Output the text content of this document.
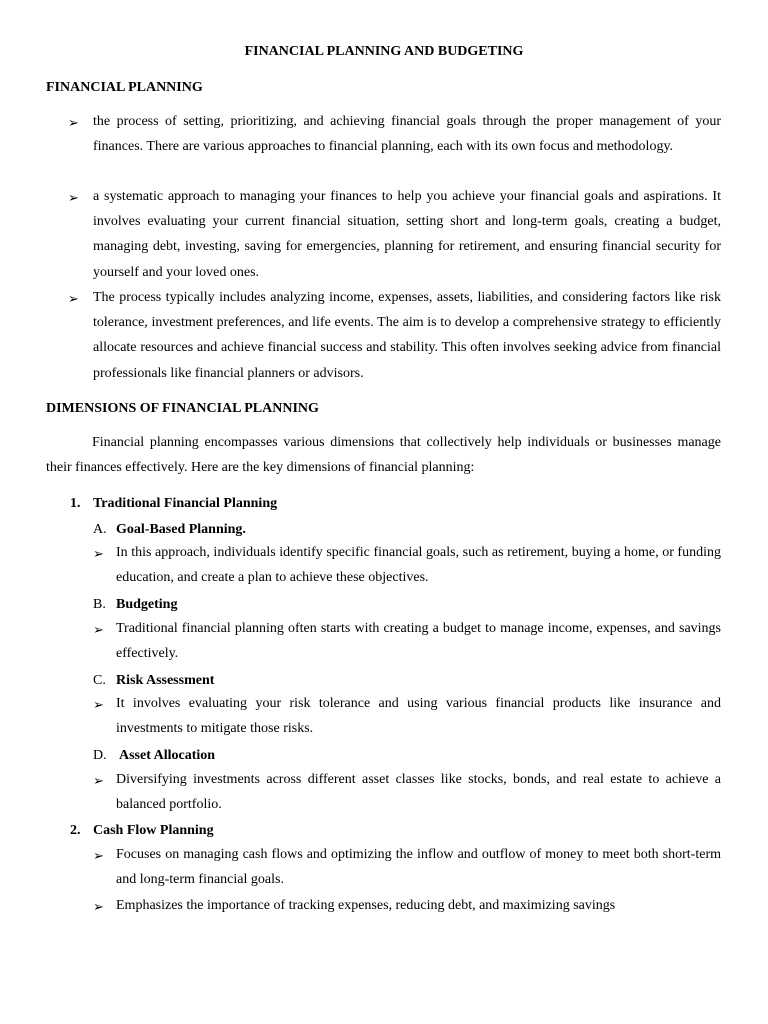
FINANCIAL PLANNING AND BUDGETING
FINANCIAL PLANNING
➢ the process of setting, prioritizing, and achieving financial goals through the proper management of your finances. There are various approaches to financial planning, each with its own focus and methodology.

➢ a systematic approach to managing your finances to help you achieve your financial goals and aspirations. It involves evaluating your current financial situation, setting short and long-term goals, creating a budget, managing debt, investing, saving for emergencies, planning for retirement, and ensuring financial security for yourself and your loved ones.

➢ The process typically includes analyzing income, expenses, assets, liabilities, and considering factors like risk tolerance, investment preferences, and life events. The aim is to develop a comprehensive strategy to efficiently allocate resources and achieve financial success and stability. This often involves seeking advice from financial professionals like financial planners or advisors.

DIMENSIONS OF FINANCIAL PLANNING

Financial planning encompasses various dimensions that collectively help individuals or businesses manage their finances effectively. Here are the key dimensions of financial planning:

1. Traditional Financial Planning
A. Goal-Based Planning.
➢ In this approach, individuals identify specific financial goals, such as retirement, buying a home, or funding education, and create a plan to achieve these objectives.

B. Budgeting
➢ Traditional financial planning often starts with creating a budget to manage income, expenses, and savings effectively.

C. Risk Assessment
➢ It involves evaluating your risk tolerance and using various financial products like insurance and investments to mitigate those risks.

D. Asset Allocation
➢ Diversifying investments across different asset classes like stocks, bonds, and real estate to achieve a balanced portfolio.

2. Cash Flow Planning
➢ Focuses on managing cash flows and optimizing the inflow and outflow of money to meet both short-term and long-term financial goals.

➢ Emphasizes the importance of tracking expenses, reducing debt, and maximizing savings
